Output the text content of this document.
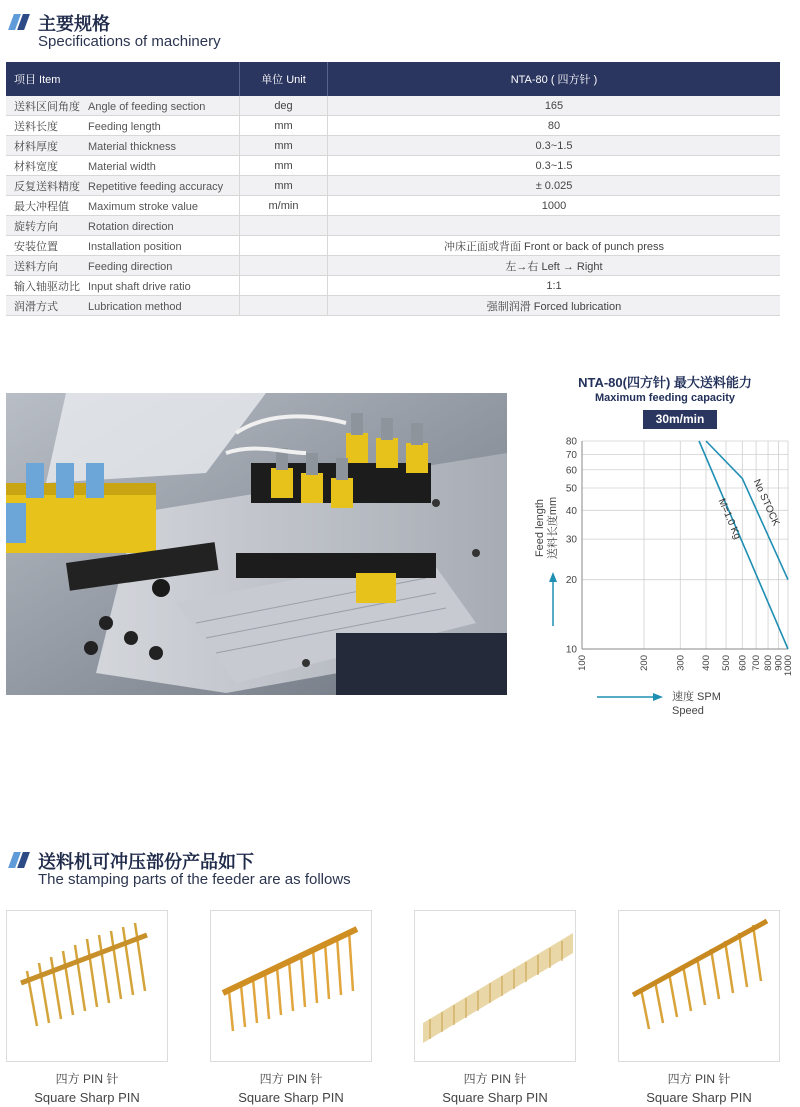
主要规格
Specifications of machinery
项目 Item	单位 Unit	NTA-80 ( 四方针 )
送料区间角度 Angle of feeding section	deg	165
送料长度 Feeding length	mm	80
材料厚度 Material thickness	mm	0.3~1.5
材料宽度 Material width	mm	0.3~1.5
反复送料精度 Repetitive feeding accuracy	mm	± 0.025
最大冲程值 Maximum stroke value	m/min	1000
旋转方向 Rotation direction		
安装位置 Installation position		冲床正面或背面 Front or back of punch press
送料方向 Feeding direction		左→右 Left → Right
输入轴驱动比 Input shaft drive ratio		1:1
润滑方式 Lubrication method		强制润滑 Forced lubrication
NTA-80(四方针) 最大送料能力
Maximum feeding capacity
30m/min
10
20
30
40
50
60
70
80
100	200	300 400 500 600 700 800 900
1000
No STOCK
M=1.0 Kg
Feed length 送料长度mm
速度 SPM
Speed
送料机可冲压部份产品如下
The stamping parts of the feeder are as follows
四方 PIN 针
Square Sharp PIN
四方 PIN 针
Square Sharp PIN
四方 PIN 针
Square Sharp PIN
四方 PIN 针
Square Sharp PIN
